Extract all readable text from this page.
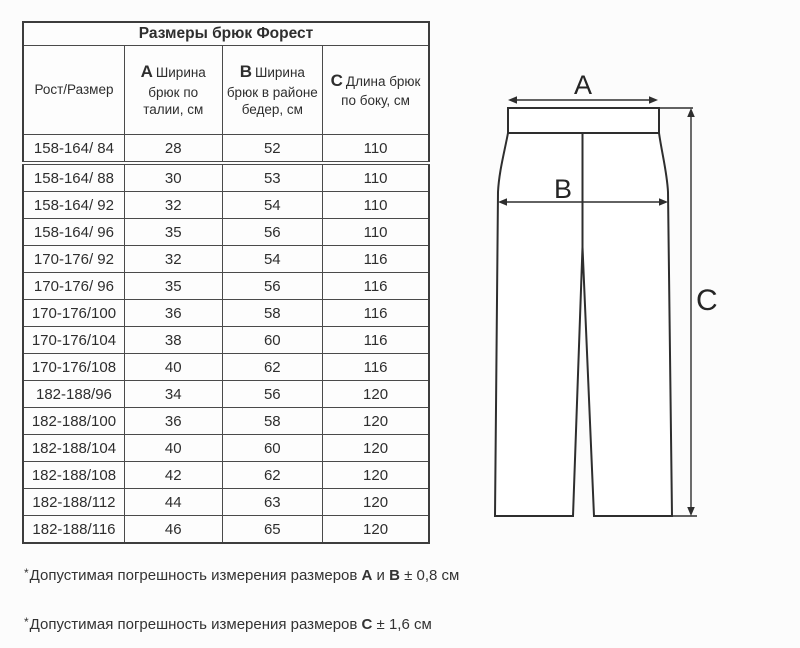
Размеры брюк Форест			
Рост/Размер	А Ширина брюк по талии, см	В Ширина брюк в районе бедер, см	С Длина брюк по боку, см
158-164/ 84	28	52	110
158-164/ 88	30	53	110
158-164/ 92	32	54	110
158-164/ 96	35	56	110
170-176/ 92	32	54	116
170-176/ 96	35	56	116
170-176/100	36	58	116
170-176/104	38	60	116
170-176/108	40	62	116
182-188/96	34	56	120
182-188/100	36	58	120
182-188/104	40	60	120
182-188/108	42	62	120
182-188/112	44	63	120
182-188/116	46	65	120
*Допустимая погрешность измерения размеров А и В ± 0,8 см
*Допустимая погрешность измерения размеров С ± 1,6 см
A
B
C
